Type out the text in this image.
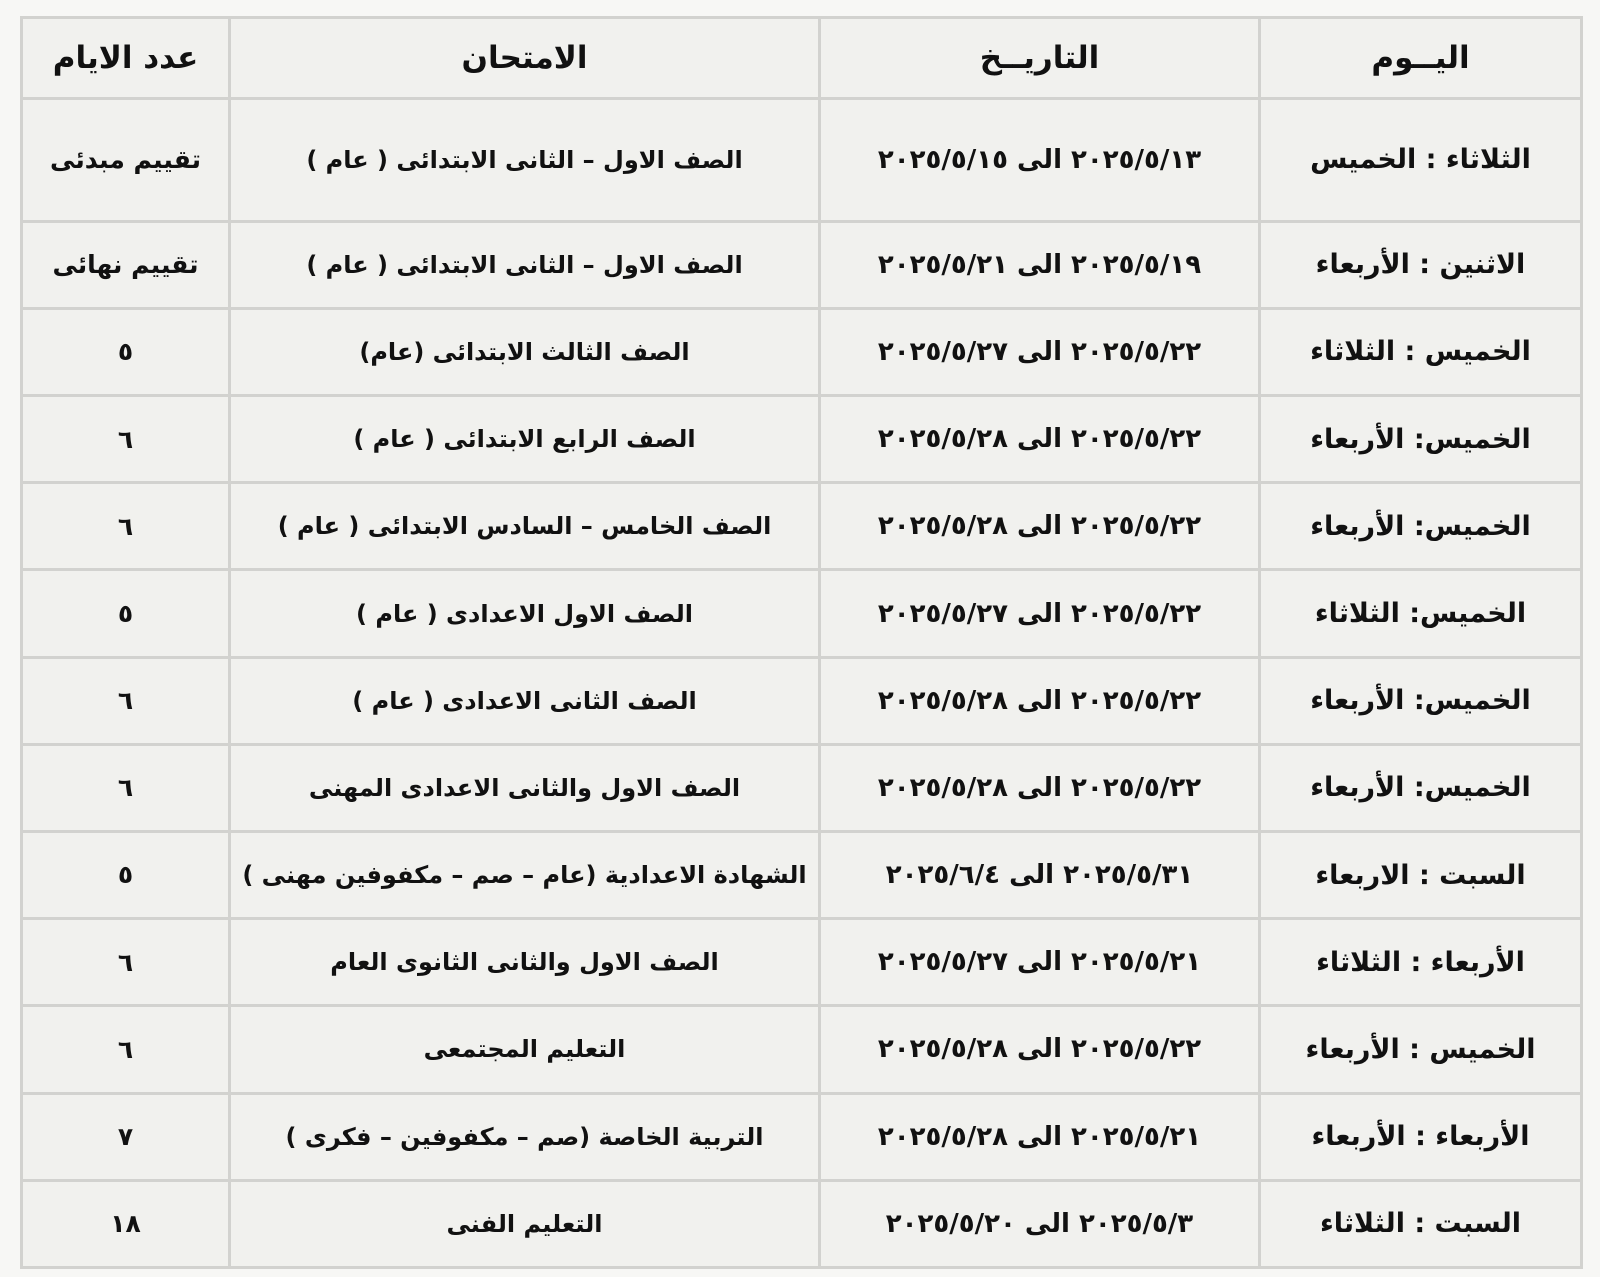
اليــوم	التاريــخ	الامتحان	عدد الايام
الثلاثاء : الخميس	٢٠٢٥/٥/١٣ الى ٢٠٢٥/٥/١٥	الصف الاول – الثانى الابتدائى ( عام )	تقييم مبدئى
الاثنين : الأربعاء	٢٠٢٥/٥/١٩ الى ٢٠٢٥/٥/٢١	الصف الاول – الثانى الابتدائى ( عام )	تقييم نهائى
الخميس : الثلاثاء	٢٠٢٥/٥/٢٢ الى ٢٠٢٥/٥/٢٧	الصف الثالث الابتدائى (عام)	٥
الخميس: الأربعاء	٢٠٢٥/٥/٢٢ الى ٢٠٢٥/٥/٢٨	الصف الرابع الابتدائى ( عام )	٦
الخميس: الأربعاء	٢٠٢٥/٥/٢٢ الى ٢٠٢٥/٥/٢٨	الصف الخامس – السادس الابتدائى ( عام )	٦
الخميس: الثلاثاء	٢٠٢٥/٥/٢٢ الى ٢٠٢٥/٥/٢٧	الصف الاول الاعدادى ( عام )	٥
الخميس: الأربعاء	٢٠٢٥/٥/٢٢ الى ٢٠٢٥/٥/٢٨	الصف الثانى الاعدادى ( عام )	٦
الخميس: الأربعاء	٢٠٢٥/٥/٢٢ الى ٢٠٢٥/٥/٢٨	الصف الاول والثانى الاعدادى المهنى	٦
السبت : الاربعاء	٢٠٢٥/٥/٣١ الى ٢٠٢٥/٦/٤	الشهادة الاعدادية (عام – صم – مكفوفين مهنى )	٥
الأربعاء : الثلاثاء	٢٠٢٥/٥/٢١ الى ٢٠٢٥/٥/٢٧	الصف الاول والثانى الثانوى العام	٦
الخميس : الأربعاء	٢٠٢٥/٥/٢٢ الى ٢٠٢٥/٥/٢٨	التعليم المجتمعى	٦
الأربعاء : الأربعاء	٢٠٢٥/٥/٢١ الى ٢٠٢٥/٥/٢٨	التربية الخاصة (صم – مكفوفين – فكرى )	٧
السبت : الثلاثاء	٢٠٢٥/٥/٣ الى ٢٠٢٥/٥/٢٠	التعليم الفنى	١٨
